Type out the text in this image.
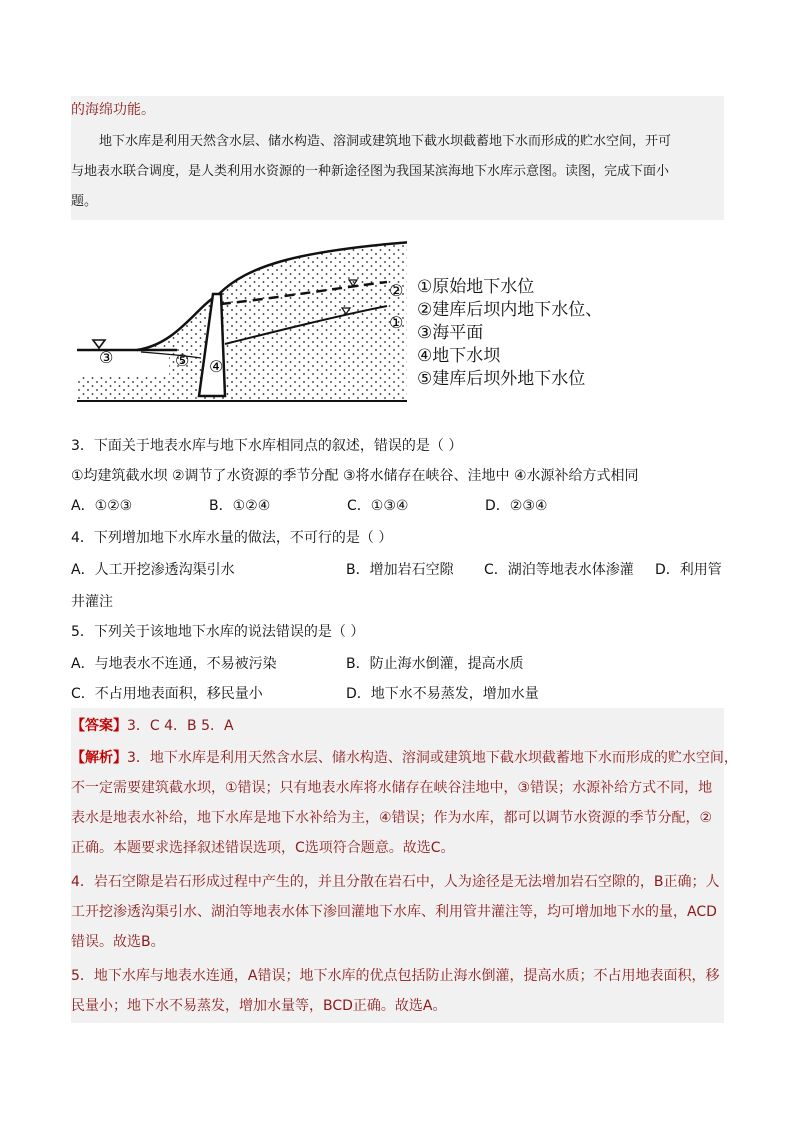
的海绵功能。
地下水库是利用天然含水层、储水构造、溶洞或建筑地下截水坝截蓄地下水而形成的贮水空间，开可
与地表水联合调度，是人类利用水资源的一种新途径图为我国某滨海地下水库示意图。读图，完成下面小
题。
③	⑤ ④
②
①
①原始地下水位
②建库后坝内地下水位、
③海平面
④地下水坝
⑤建库后坝外地下水位
3．下面关于地表水库与地下水库相同点的叙述，错误的是（ ）
①均建筑截水坝 ②调节了水资源的季节分配 ③将水储存在峡谷、洼地中 ④水源补给方式相同
A．①②③	B．①②④	C．①③④	D．②③④
4．下列增加地下水库水量的做法，不可行的是（ ）
A．人工开挖渗透沟渠引水	B．增加岩石空隙 C．湖泊等地表水体渗灌 D．利用管
井灌注
5．下列关于该地地下水库的说法错误的是（ ）
A．与地表水不连通，不易被污染	B．防止海水倒灌，提高水质
C．不占用地表面积，移民量小	D．地下水不易蒸发，增加水量
【答案】3．C 4．B 5．A
【解析】3．地下水库是利用天然含水层、储水构造、溶洞或建筑地下截水坝截蓄地下水而形成的贮水空间，
不一定需要建筑截水坝，①错误；只有地表水库将水储存在峡谷洼地中，③错误；水源补给方式不同，地
表水是地表水补给，地下水库是地下水补给为主，④错误；作为水库，都可以调节水资源的季节分配，②
正确。本题要求选择叙述错误选项，C选项符合题意。故选C。
4．岩石空隙是岩石形成过程中产生的，并且分散在岩石中，人为途径是无法增加岩石空隙的，B正确；人
工开挖渗透沟渠引水、湖泊等地表水体下渗回灌地下水库、利用管井灌注等，均可增加地下水的量，ACD
错误。故选B。
5．地下水库与地表水连通，A错误；地下水库的优点包括防止海水倒灌，提高水质；不占用地表面积，移
民量小；地下水不易蒸发，增加水量等，BCD正确。故选A。
